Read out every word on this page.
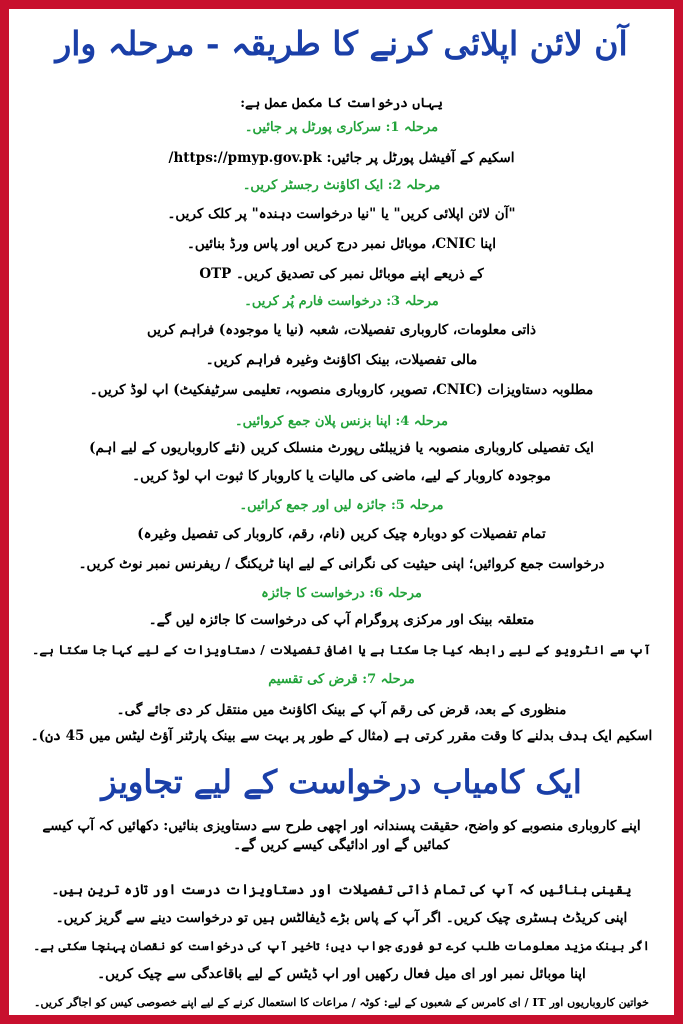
آن لائن اپلائی کرنے کا طریقہ - مرحلہ وار
یہاں درخواست کا مکمل عمل ہے:
مرحلہ 1: سرکاری پورٹل پر جائیں۔
اسکیم کے آفیشل پورٹل پر جائیں: https://pmyp.gov.pk/
مرحلہ 2: ایک اکاؤنٹ رجسٹر کریں۔
"آن لائن اپلائی کریں" یا "نیا درخواست دہندہ" پر کلک کریں۔
اپنا CNIC، موبائل نمبر درج کریں اور پاس ورڈ بنائیں۔
OTP کے ذریعے اپنے موبائل نمبر کی تصدیق کریں۔
مرحلہ 3: درخواست فارم پُر کریں۔
ذاتی معلومات، کاروباری تفصیلات، شعبہ (نیا یا موجودہ) فراہم کریں
مالی تفصیلات، بینک اکاؤنٹ وغیرہ فراہم کریں۔
مطلوبہ دستاویزات (CNIC، تصویر، کاروباری منصوبہ، تعلیمی سرٹیفکیٹ) اپ لوڈ کریں۔
مرحلہ 4: اپنا بزنس پلان جمع کروائیں۔
ایک تفصیلی کاروباری منصوبہ یا فزیبلٹی رپورٹ منسلک کریں (نئے کاروباریوں کے لیے اہم)
موجودہ کاروبار کے لیے، ماضی کی مالیات یا کاروبار کا ثبوت اپ لوڈ کریں۔
مرحلہ 5: جائزہ لیں اور جمع کرائیں۔
تمام تفصیلات کو دوبارہ چیک کریں (نام، رقم، کاروبار کی تفصیل وغیرہ)
درخواست جمع کروائیں؛ اپنی حیثیت کی نگرانی کے لیے اپنا ٹریکنگ / ریفرنس نمبر نوٹ کریں۔
مرحلہ 6: درخواست کا جائزہ
متعلقہ بینک اور مرکزی پروگرام آپ کی درخواست کا جائزہ لیں گے۔
آپ سے انٹرویو کے لیے رابطہ کیا جا سکتا ہے یا اضافی تفصیلات / دستاویزات کے لیے کہا جا سکتا ہے۔
مرحلہ 7: قرض کی تقسیم
منظوری کے بعد، قرض کی رقم آپ کے بینک اکاؤنٹ میں منتقل کر دی جائے گی۔
اسکیم ایک ہدف بدلنے کا وقت مقرر کرتی ہے (مثال کے طور پر بہت سے بینک پارٹنر آؤٹ لیٹس میں 45 دن)۔
ایک کامیاب درخواست کے لیے تجاویز
اپنے کاروباری منصوبے کو واضح، حقیقت پسندانہ اور اچھی طرح سے دستاویزی بنائیں: دکھائیں کہ آپ کیسے کمائیں گے اور ادائیگی کیسے کریں گے۔
یقینی بنائیں کہ آپ کی تمام ذاتی تفصیلات اور دستاویزات درست اور تازہ ترین ہیں۔
اپنی کریڈٹ ہسٹری چیک کریں۔ اگر آپ کے پاس بڑے ڈیفالٹس ہیں تو درخواست دینے سے گریز کریں۔
اگر بینک مزید معلومات طلب کرے تو فوری جواب دیں؛ تاخیر آپ کی درخواست کو نقصان پہنچا سکتی ہے۔
اپنا موبائل نمبر اور ای میل فعال رکھیں اور اپ ڈیٹس کے لیے باقاعدگی سے چیک کریں۔
خواتین کاروباریوں اور IT / ای کامرس کے شعبوں کے لیے: کوٹہ / مراعات کا استعمال کرنے کے لیے اپنے خصوصی کیس کو اجاگر کریں۔
